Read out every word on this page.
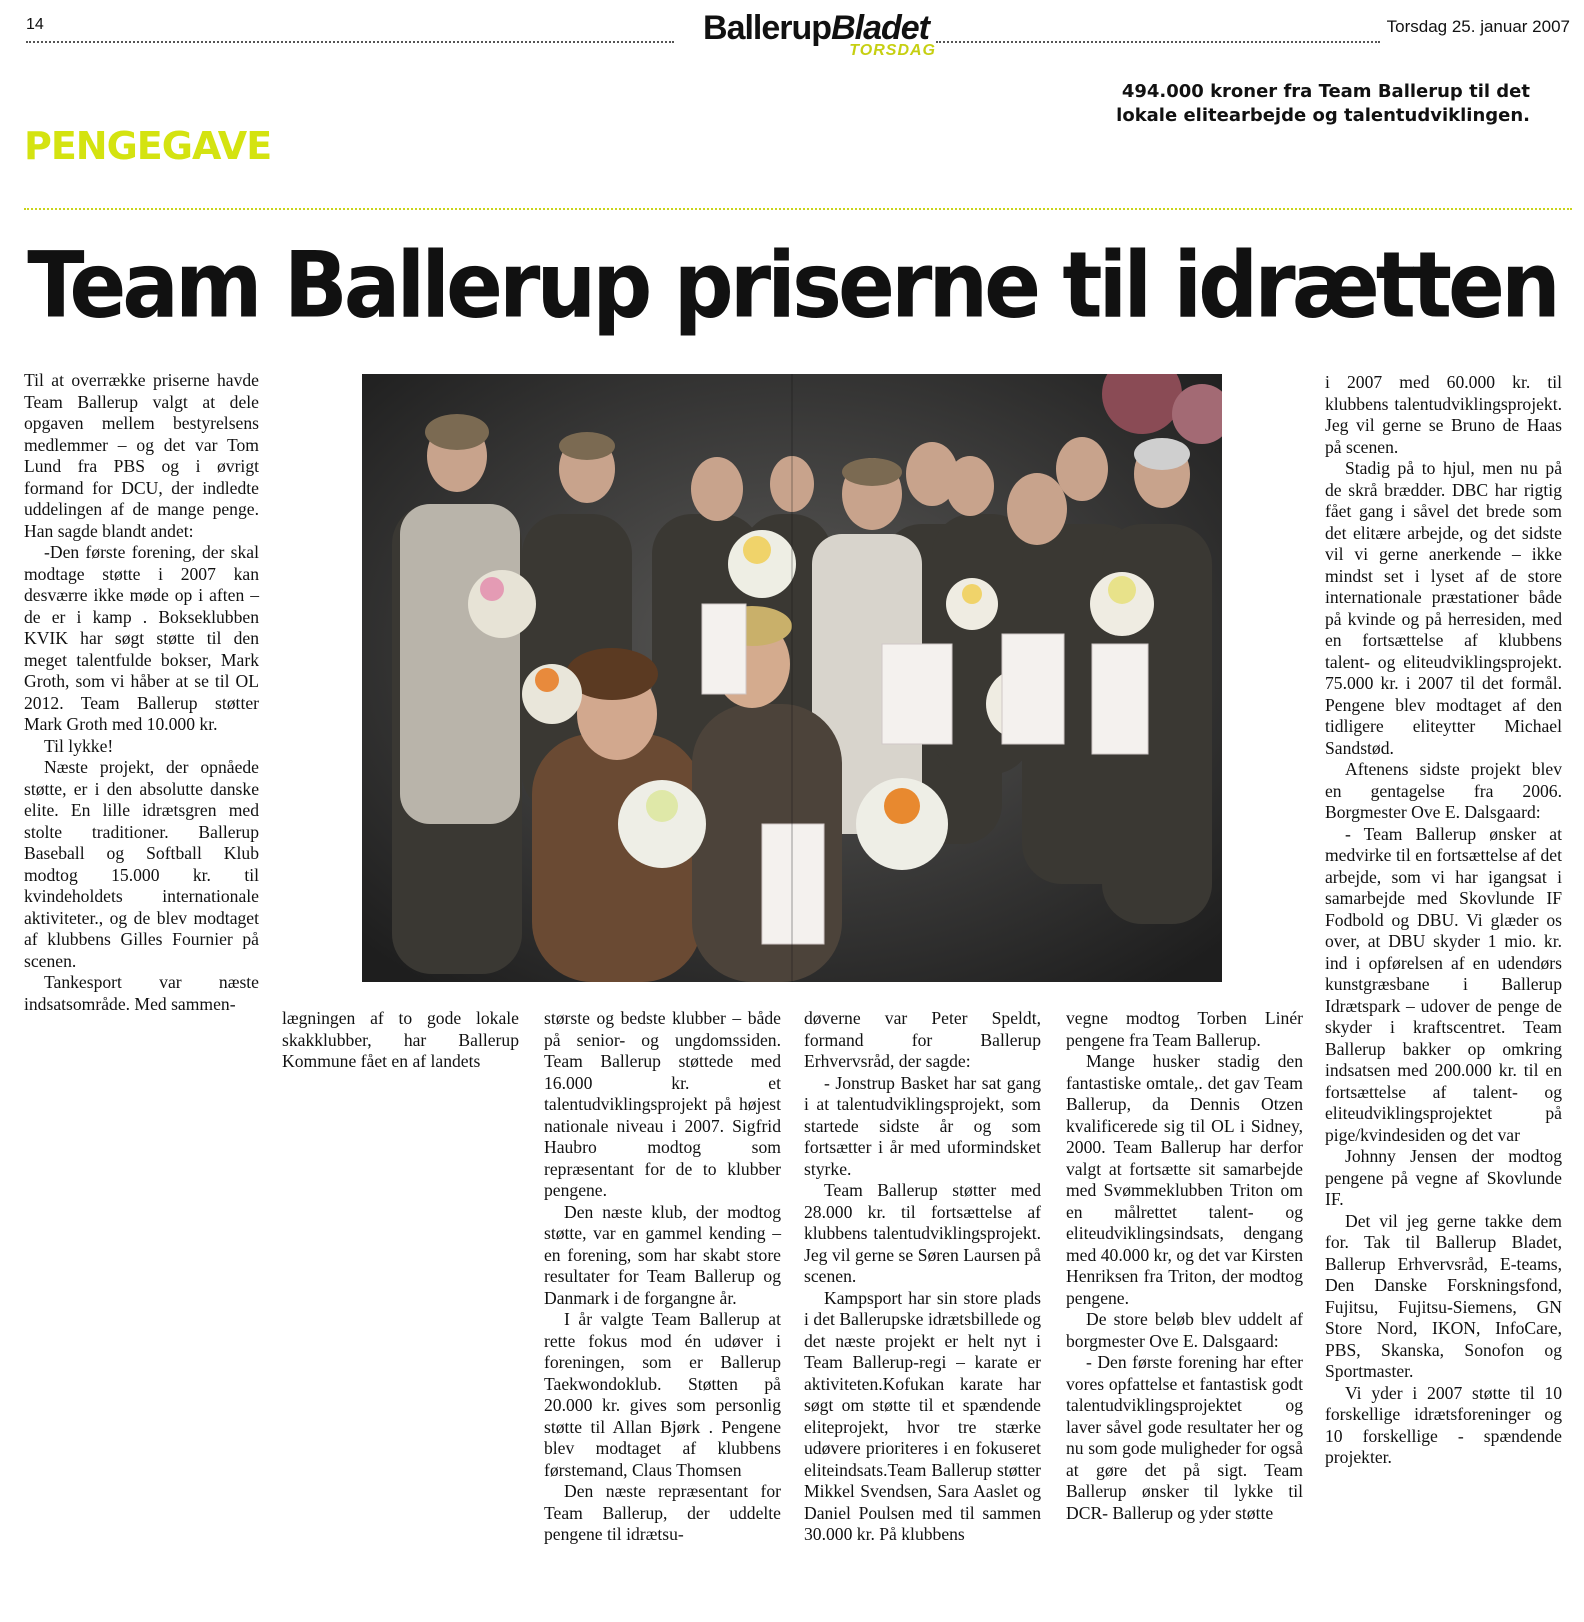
14	BallerupBladet
TORSDAG
Torsdag 25. januar 2007
PENGEGAVE
494.000 kroner fra Team Ballerup til det lokale elitearbejde og talentudviklingen.
Team Ballerup priserne til idrætten

Til at overrække priserne havde Team Ballerup valgt at dele opgaven mellem bestyrelsens medlemmer – og det var Tom Lund fra PBS og i øvrigt formand for DCU, der indledte uddelingen af de mange penge. Han sagde blandt andet:

-Den første forening, der skal modtage støtte i 2007 kan desværre ikke møde op i aften – de er i kamp . Bokseklubben KVIK har søgt støtte til den meget talentfulde bokser, Mark Groth, som vi håber at se til OL 2012. Team Ballerup støtter Mark Groth med 10.000 kr.

Til lykke!

Næste projekt, der opnåede støtte, er i den absolutte danske elite. En lille idrætsgren med stolte traditioner. Ballerup Baseball og Softball Klub modtog 15.000 kr. til kvindeholdets internationale aktiviteter., og de blev modtaget af klubbens Gilles Fournier på scenen.

Tankesport var næste indsatsområde. Med sammen-

lægningen af to gode lokale skakklubber, har Ballerup Kommune fået en af landets

største og bedste klubber – både på senior- og ungdomssiden. Team Ballerup støttede med 16.000 kr. et talentudviklingsprojekt på højest nationale niveau i 2007. Sigfrid Haubro modtog som repræsentant for de to klubber pengene.

Den næste klub, der modtog støtte, var en gammel kending – en forening, som har skabt store resultater for Team Ballerup og Danmark i de forgangne år.

I år valgte Team Ballerup at rette fokus mod én udøver i foreningen, som er Ballerup Taekwondoklub. Støtten på 20.000 kr. gives som personlig støtte til Allan Bjørk . Pengene blev modtaget af klubbens førstemand, Claus Thomsen

Den næste repræsentant for Team Ballerup, der uddelte pengene til idrætsu-

døverne var Peter Speldt, formand for Ballerup Erhvervsråd, der sagde:

- Jonstrup Basket har sat gang i at talentudviklingsprojekt, som startede sidste år og som fortsætter i år med uformindsket styrke.

Team Ballerup støtter med 28.000 kr. til fortsættelse af klubbens talentudviklingsprojekt. Jeg vil gerne se Søren Laursen på scenen.

Kampsport har sin store plads i det Ballerupske idrætsbillede og det næste projekt er helt nyt i Team Ballerup-regi – karate er aktiviteten.Kofukan karate har søgt om støtte til et spændende eliteprojekt, hvor tre stærke udøvere prioriteres i en fokuseret eliteindsats.Team Ballerup støtter Mikkel Svendsen, Sara Aaslet og Daniel Poulsen med til sammen 30.000 kr. På klubbens

vegne modtog Torben Linér pengene fra Team Ballerup.

Mange husker stadig den fantastiske omtale,. det gav Team Ballerup, da Dennis Otzen kvalificerede sig til OL i Sidney, 2000. Team Ballerup har derfor valgt at fortsætte sit samarbejde med Svømmeklubben Triton om en målrettet talent- og eliteudviklingsindsats, dengang med 40.000 kr, og det var Kirsten Henriksen fra Triton, der modtog pengene.

De store beløb blev uddelt af borgmester Ove E. Dalsgaard:

- Den første forening har efter vores opfattelse et fantastisk godt talentudviklingsprojektet og laver såvel gode resultater her og nu som gode muligheder for også at gøre det på sigt. Team Ballerup ønsker til lykke til DCR- Ballerup og yder støtte

i 2007 med 60.000 kr. til klubbens talentudviklingsprojekt. Jeg vil gerne se Bruno de Haas på scenen.

Stadig på to hjul, men nu på de skrå brædder. DBC har rigtig fået gang i såvel det brede som det elitære arbejde, og det sidste vil vi gerne anerkende – ikke mindst set i lyset af de store internationale præstationer både på kvinde og på herresiden, med en fortsættelse af klubbens talent- og eliteudviklingsprojekt. 75.000 kr. i 2007 til det formål. Pengene blev modtaget af den tidligere eliteytter Michael Sandstød.

Aftenens sidste projekt blev en gentagelse fra 2006. Borgmester Ove E. Dalsgaard:

- Team Ballerup ønsker at medvirke til en fortsættelse af det arbejde, som vi har igangsat i samarbejde med Skovlunde IF Fodbold og DBU. Vi glæder os over, at DBU skyder 1 mio. kr. ind i opførelsen af en udendørs kunstgræsbane i Ballerup Idrætspark – udover de penge de skyder i kraftscentret. Team Ballerup bakker op omkring indsatsen med 200.000 kr. til en fortsættelse af talent- og eliteudviklingsprojektet på pige/kvindesiden og det var

Johnny Jensen der modtog pengene på vegne af Skovlunde IF.

Det vil jeg gerne takke dem for. Tak til Ballerup Bladet, Ballerup Erhvervsråd, E-teams, Den Danske Forskningsfond, Fujitsu, Fujitsu-Siemens, GN Store Nord, IKON, InfoCare, PBS, Skanska, Sonofon og Sportmaster.

Vi yder i 2007 støtte til 10 forskellige idrætsforeninger og 10 forskellige - spændende projekter.
